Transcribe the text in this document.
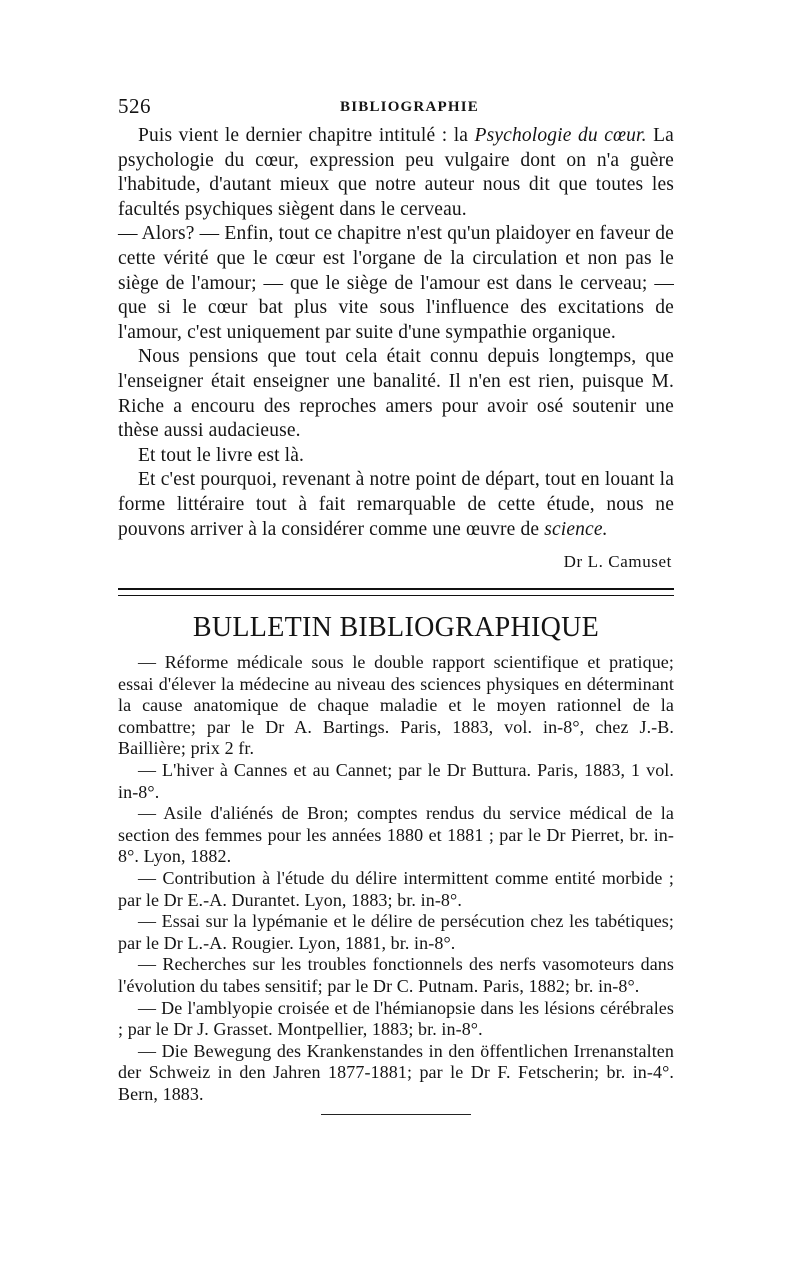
526	BIBLIOGRAPHIE

Puis vient le dernier chapitre intitulé : la Psychologie du cœur. La psychologie du cœur, expression peu vulgaire dont on n'a guère l'habitude, d'autant mieux que notre auteur nous dit que toutes les facultés psychiques siègent dans le cerveau.

— Alors? — Enfin, tout ce chapitre n'est qu'un plaidoyer en faveur de cette vérité que le cœur est l'organe de la circulation et non pas le siège de l'amour; — que le siège de l'amour est dans le cerveau; — que si le cœur bat plus vite sous l'influence des excitations de l'amour, c'est uniquement par suite d'une sympathie organique.

Nous pensions que tout cela était connu depuis longtemps, que l'enseigner était enseigner une banalité. Il n'en est rien, puisque M. Riche a encouru des reproches amers pour avoir osé soutenir une thèse aussi audacieuse.

Et tout le livre est là.

Et c'est pourquoi, revenant à notre point de départ, tout en louant la forme littéraire tout à fait remarquable de cette étude, nous ne pouvons arriver à la considérer comme une œuvre de science.

Dr L. Camuset
BULLETIN BIBLIOGRAPHIQUE

— Réforme médicale sous le double rapport scientifique et pratique; essai d'élever la médecine au niveau des sciences physiques en déterminant la cause anatomique de chaque maladie et le moyen rationnel de la combattre; par le Dr A. Bartings. Paris, 1883, vol. in-8°, chez J.-B. Baillière; prix 2 fr.

— L'hiver à Cannes et au Cannet; par le Dr Buttura. Paris, 1883, 1 vol. in-8°.

— Asile d'aliénés de Bron; comptes rendus du service médical de la section des femmes pour les années 1880 et 1881 ; par le Dr Pierret, br. in-8°. Lyon, 1882.

— Contribution à l'étude du délire intermittent comme entité morbide ; par le Dr E.-A. Durantet. Lyon, 1883; br. in-8°.

— Essai sur la lypémanie et le délire de persécution chez les tabétiques; par le Dr L.-A. Rougier. Lyon, 1881, br. in-8°.

— Recherches sur les troubles fonctionnels des nerfs vasomoteurs dans l'évolution du tabes sensitif; par le Dr C. Putnam. Paris, 1882; br. in-8°.

— De l'amblyopie croisée et de l'hémianopsie dans les lésions cérébrales ; par le Dr J. Grasset. Montpellier, 1883; br. in-8°.

— Die Bewegung des Krankenstandes in den öffentlichen Irrenanstalten der Schweiz in den Jahren 1877-1881; par le Dr F. Fetscherin; br. in-4°. Bern, 1883.
